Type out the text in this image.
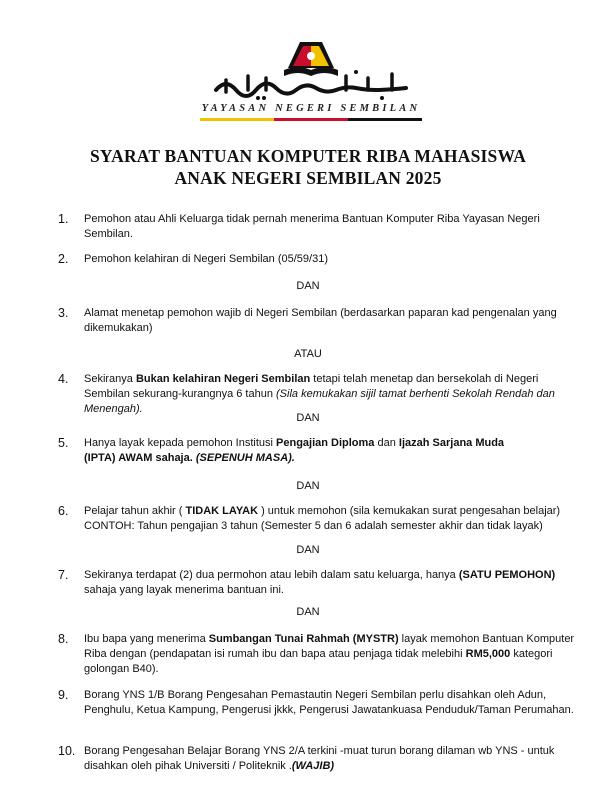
YAYASAN NEGERI SEMBILAN
SYARAT BANTUAN KOMPUTER RIBA MAHASISWA
ANAK NEGERI SEMBILAN 2025
1.	Pemohon atau Ahli Keluarga tidak pernah menerima Bantuan Komputer Riba Yayasan Negeri Sembilan.
2.	Pemohon kelahiran di Negeri Sembilan (05/59/31)
DAN
3.	Alamat menetap pemohon wajib di Negeri Sembilan (berdasarkan paparan kad pengenalan yang dikemukakan)
ATAU
4.	Sekiranya Bukan kelahiran Negeri Sembilan tetapi telah menetap dan bersekolah di Negeri Sembilan sekurang-kurangnya 6 tahun (Sila kemukakan sijil tamat berhenti Sekolah Rendah dan Menengah).
DAN
5.	Hanya layak kepada pemohon Institusi Pengajian Diploma dan Ijazah Sarjana Muda
(IPTA) AWAM sahaja. (SEPENUH MASA).
DAN
6.	Pelajar tahun akhir ( TIDAK LAYAK ) untuk memohon (sila kemukakan surat pengesahan belajar) CONTOH: Tahun pengajian 3 tahun (Semester 5 dan 6 adalah semester akhir dan tidak layak)
DAN
7.	Sekiranya terdapat (2) dua permohon atau lebih dalam satu keluarga, hanya (SATU PEMOHON) sahaja yang layak menerima bantuan ini.
DAN
8.	Ibu bapa yang menerima Sumbangan Tunai Rahmah (MYSTR) layak memohon Bantuan Komputer Riba dengan (pendapatan isi rumah ibu dan bapa atau penjaga tidak melebihi RM5,000 kategori golongan B40).
9.	Borang YNS 1/B Borang Pengesahan Pemastautin Negeri Sembilan perlu disahkan oleh Adun, Penghulu, Ketua Kampung, Pengerusi jkkk, Pengerusi Jawatankuasa Penduduk/Taman Perumahan.
10. Borang Pengesahan Belajar Borang YNS 2/A terkini -muat turun borang dilaman wb YNS - untuk disahkan oleh pihak Universiti / Politeknik .(WAJIB)
